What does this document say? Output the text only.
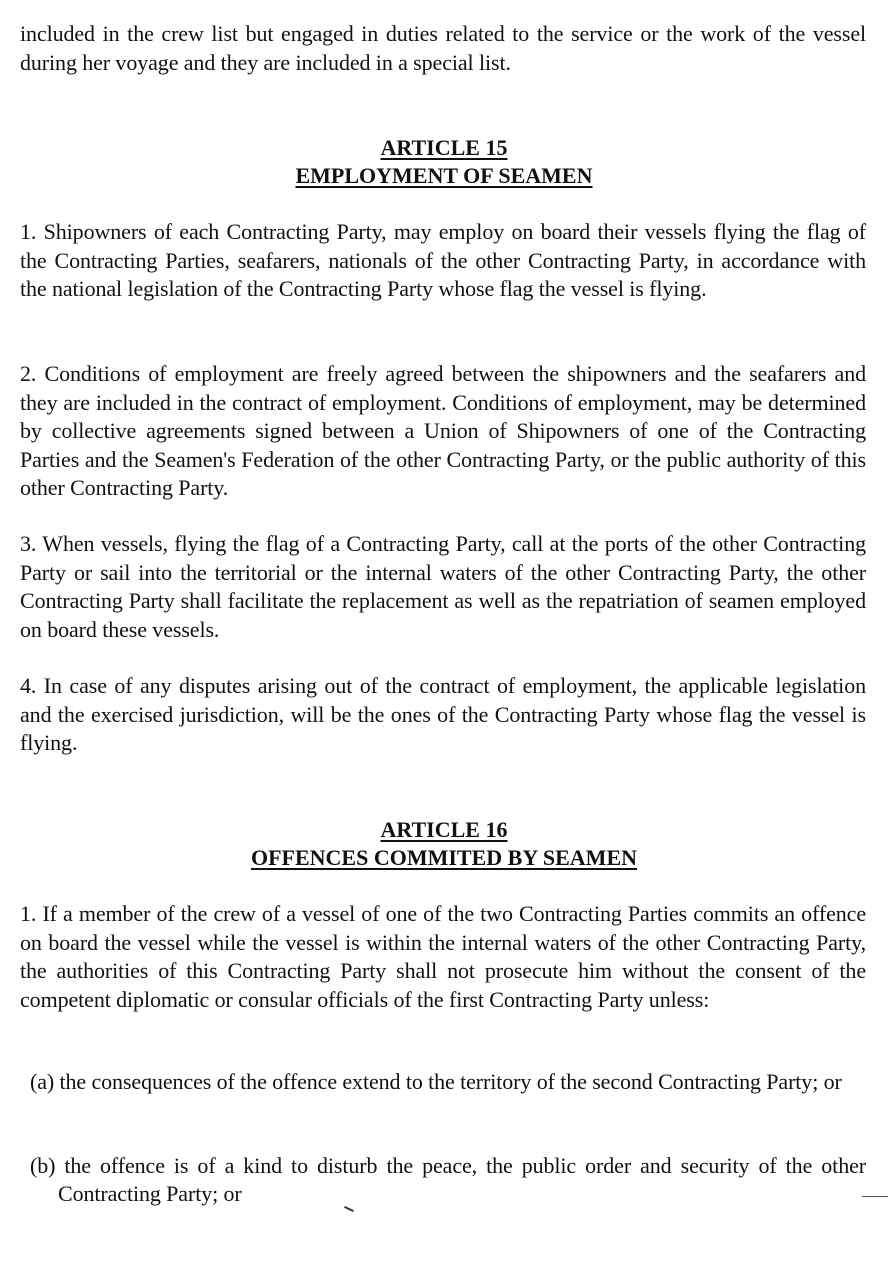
included in the crew list but engaged in duties related to the service or the work of the vessel during her voyage and they are included in a special list.

ARTICLE 15
EMPLOYMENT OF SEAMEN

1. Shipowners of each Contracting Party, may employ on board their vessels flying the flag of the Contracting Parties, seafarers, nationals of the other Contracting Party, in accordance with the national legislation of the Contracting Party whose flag the vessel is flying.

2. Conditions of employment are freely agreed between the shipowners and the seafarers and they are included in the contract of employment. Conditions of employment, may be determined by collective agreements signed between a Union of Shipowners of one of the Contracting Parties and the Seamen's Federation of the other Contracting Party, or the public authority of this other Contracting Party.

3. When vessels, flying the flag of a Contracting Party, call at the ports of the other Contracting Party or sail into the territorial or the internal waters of the other Contracting Party, the other Contracting Party shall facilitate the replacement as well as the repatriation of seamen employed on board these vessels.

4. In case of any disputes arising out of the contract of employment, the applicable legislation and the exercised jurisdiction, will be the ones of the Contracting Party whose flag the vessel is flying.

ARTICLE 16
OFFENCES COMMITED BY SEAMEN

1. If a member of the crew of a vessel of one of the two Contracting Parties commits an offence on board the vessel while the vessel is within the internal waters of the other Contracting Party, the authorities of this Contracting Party shall not prosecute him without the consent of the competent diplomatic or consular officials of the first Contracting Party unless:

(a) the consequences of the offence extend to the territory of the second Contracting Party; or

(b) the offence is of a kind to disturb the peace, the public order and security of the other Contracting Party; or
